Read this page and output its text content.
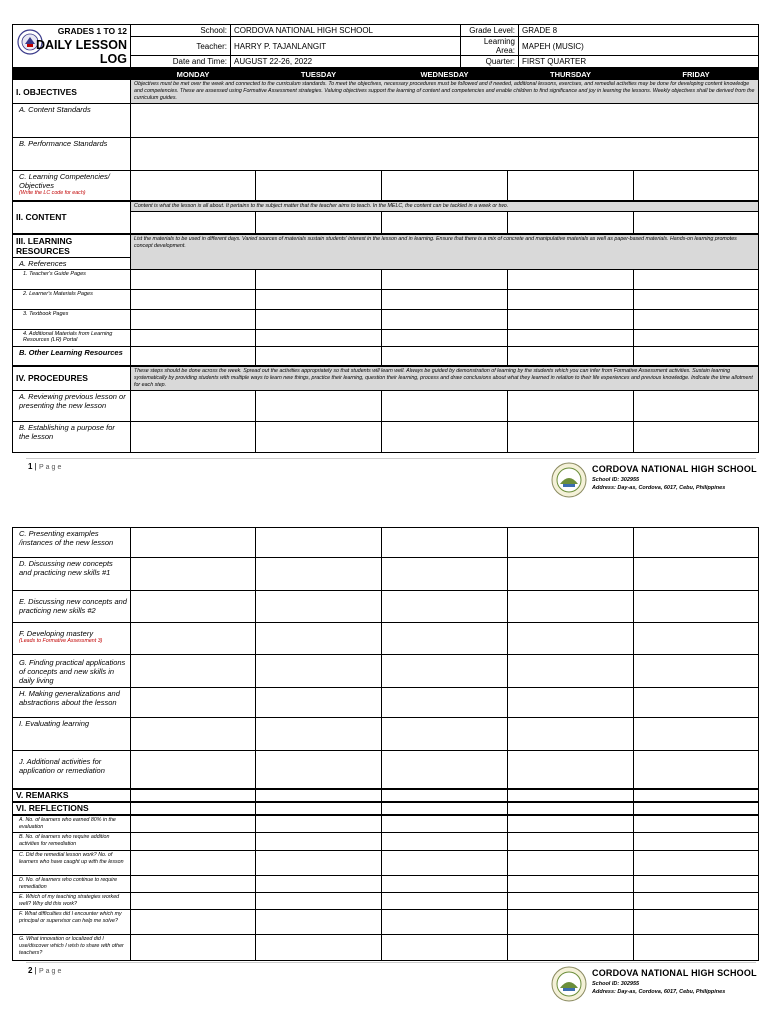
GRADES 1 TO 12
DAILY LESSON LOG	School:	CORDOVA NATIONAL HIGH SCHOOL	Grade Level:	GRADE 8
	Teacher:	HARRY P. TAJANLANGIT	Learning Area:	MAPEH (MUSIC)
	Date and Time:	AUGUST 22-26, 2022	Quarter:	FIRST QUARTER
	MONDAY	TUESDAY	WEDNESDAY	THURSDAY	FRIDAY
I. OBJECTIVES	Objectives must be met over the week and connected to the curriculum standards. To meet the objectives, necessary procedures must be followed and if needed, additional lessons, exercises, and remedial activities may be done for developing content knowledge and competencies. These are assessed using Formative Assessment strategies. Valuing objectives support the learning of content and competencies and enable children to find significance and joy in learning the lessons. Weekly objectives shall be derived from the curriculum guides.				
A. Content Standards					
B. Performance Standards					
C. Learning Competencies/ Objectives
(Write the LC code for each)					

II. CONTENT	Content is what the lesson is all about. It pertains to the subject matter that the teacher aims to teach. In the MELC, the content can be tackled in a week or two.				

III. LEARNING RESOURCES	List the materials to be used in different days. Varied sources of materials sustain students' interest in the lesson and in learning. Ensure that there is a mix of concrete and manipulative materials as well as paper-based materials. Hands-on learning promotes concept development.				
A. References					
1. Teacher's Guide Pages					
2. Learner's Materials Pages					
3. Textbook Pages					
4. Additional Materials from Learning Resources (LR) Portal					
B. Other Learning Resources					
IV. PROCEDURES	These steps should be done across the week. Spread out the activities appropriately so that students will learn well. Always be guided by demonstration of learning by the students which you can infer from Formative Assessment activities. Sustain learning systematically by providing students with multiple ways to learn new things, practice their learning, question their learning, process and draw conclusions about what they learned in relation to their life experiences and previous knowledge. Indicate the time allotment for each step.				
A. Reviewing previous lesson or presenting the new lesson					
B. Establishing a purpose for the lesson					
1 | Page	CORDOVA NATIONAL HIGH SCHOOL
School ID: 302955
Address: Day-as, Cordova, 6017, Cebu, Philippines
C. Presenting examples /instances of the new lesson					
D. Discussing new concepts and practicing new skills #1					
E. Discussing new concepts and practicing new skills #2					
F. Developing mastery
(Leads to Formative Assessment 3)					

G. Finding practical applications of concepts and new skills in daily living					
H. Making generalizations and abstractions about the lesson					
I. Evaluating learning					
J. Additional activities for application or remediation					
V. REMARKS					
VI. REFLECTIONS					
A. No. of learners who earned 80% in the evaluation					
B. No. of learners who require addition activities for remediation					
C. Did the remedial lesson work? No. of learners who have caught up with the lesson					
D. No. of learners who continue to require remediation					
E. Which of my teaching strategies worked well? Why did this work?					
F. What difficulties did I encounter which my principal or supervisor can help me solve?					
G. What innovation or localized did I use/discover which I wish to share with other teachers?					
2 | Page	CORDOVA NATIONAL HIGH SCHOOL
School ID: 302955
Address: Day-as, Cordova, 6017, Cebu, Philippines
